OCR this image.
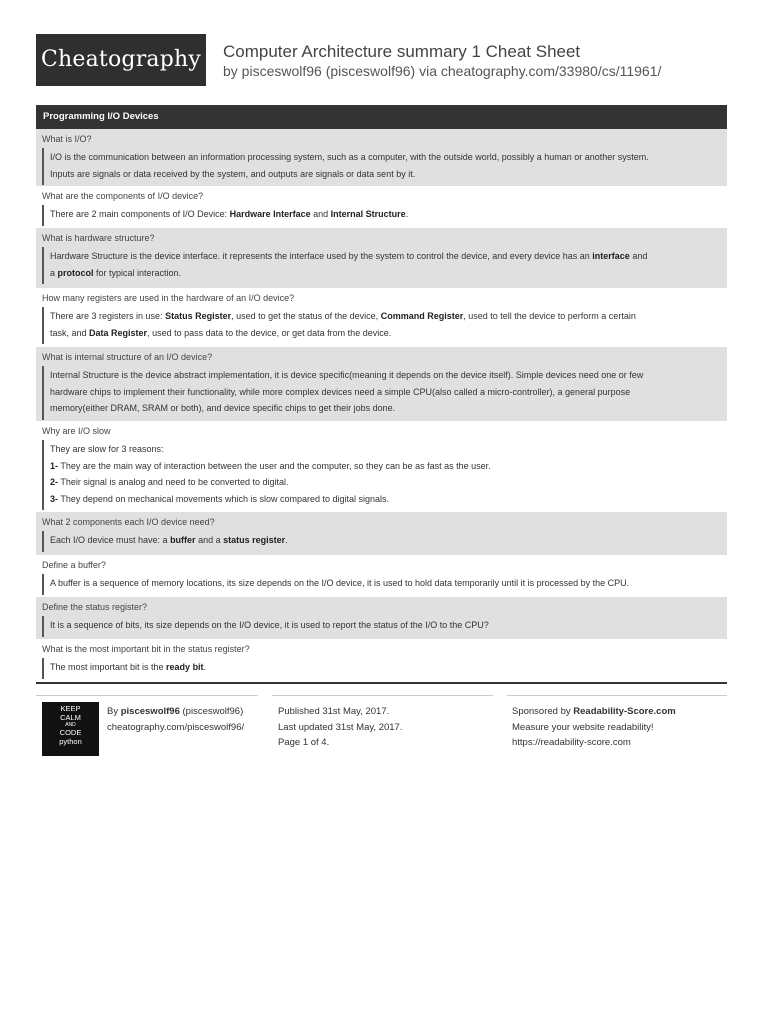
Cheatography Computer Architecture summary 1 Cheat Sheet
by pisceswolf96 (pisceswolf96) via cheatography.com/33980/cs/11961/
Programming I/O Devices
What is I/O?
I/O is the communication between an information processing system, such as a computer, with the outside world, possibly a human or another system.
Inputs are signals or data received by the system, and outputs are signals or data sent by it.
What are the components of I/O device?
There are 2 main components of I/O Device: Hardware Interface and Internal Structure.
What is hardware structure?
Hardware Structure is the device interface. it represents the interface used by the system to control the device, and every device has an interface and
a protocol for typical interaction.
How many registers are used in the hardware of an I/O device?
There are 3 registers in use: Status Register, used to get the status of the device, Command Register, used to tell the device to perform a certain
task, and Data Register, used to pass data to the device, or get data from the device.
What is internal structure of an I/O device?
Internal Structure is the device abstract implementation, it is device specific(meaning it depends on the device itself). Simple devices need one or few
hardware chips to implement their functionality, while more complex devices need a simple CPU(also called a micro-controller), a general purpose
memory(either DRAM, SRAM or both), and device specific chips to get their jobs done.
Why are I/O slow
They are slow for 3 reasons:
1- They are the main way of interaction between the user and the computer, so they can be as fast as the user.
2- Their signal is analog and need to be converted to digital.
3- They depend on mechanical movements which is slow compared to digital signals.
What 2 components each I/O device need?
Each I/O device must have: a buffer and a status register.
Define a buffer?
A buffer is a sequence of memory locations, its size depends on the I/O device, it is used to hold data temporarily until it is processed by the CPU.
Define the status register?
It is a sequence of bits, its size depends on the I/O device, it is used to report the status of the I/O to the CPU?
What is the most important bit in the status register?
The most important bit is the ready bit.
KEEP
CALM
AND
CODE
python
By pisceswolf96 (pisceswolf96)
cheatography.com/pisceswolf96/
Published 31st May, 2017.
Last updated 31st May, 2017.
Page 1 of 4.
Sponsored by Readability-Score.com
Measure your website readability!
https://readability-score.com
